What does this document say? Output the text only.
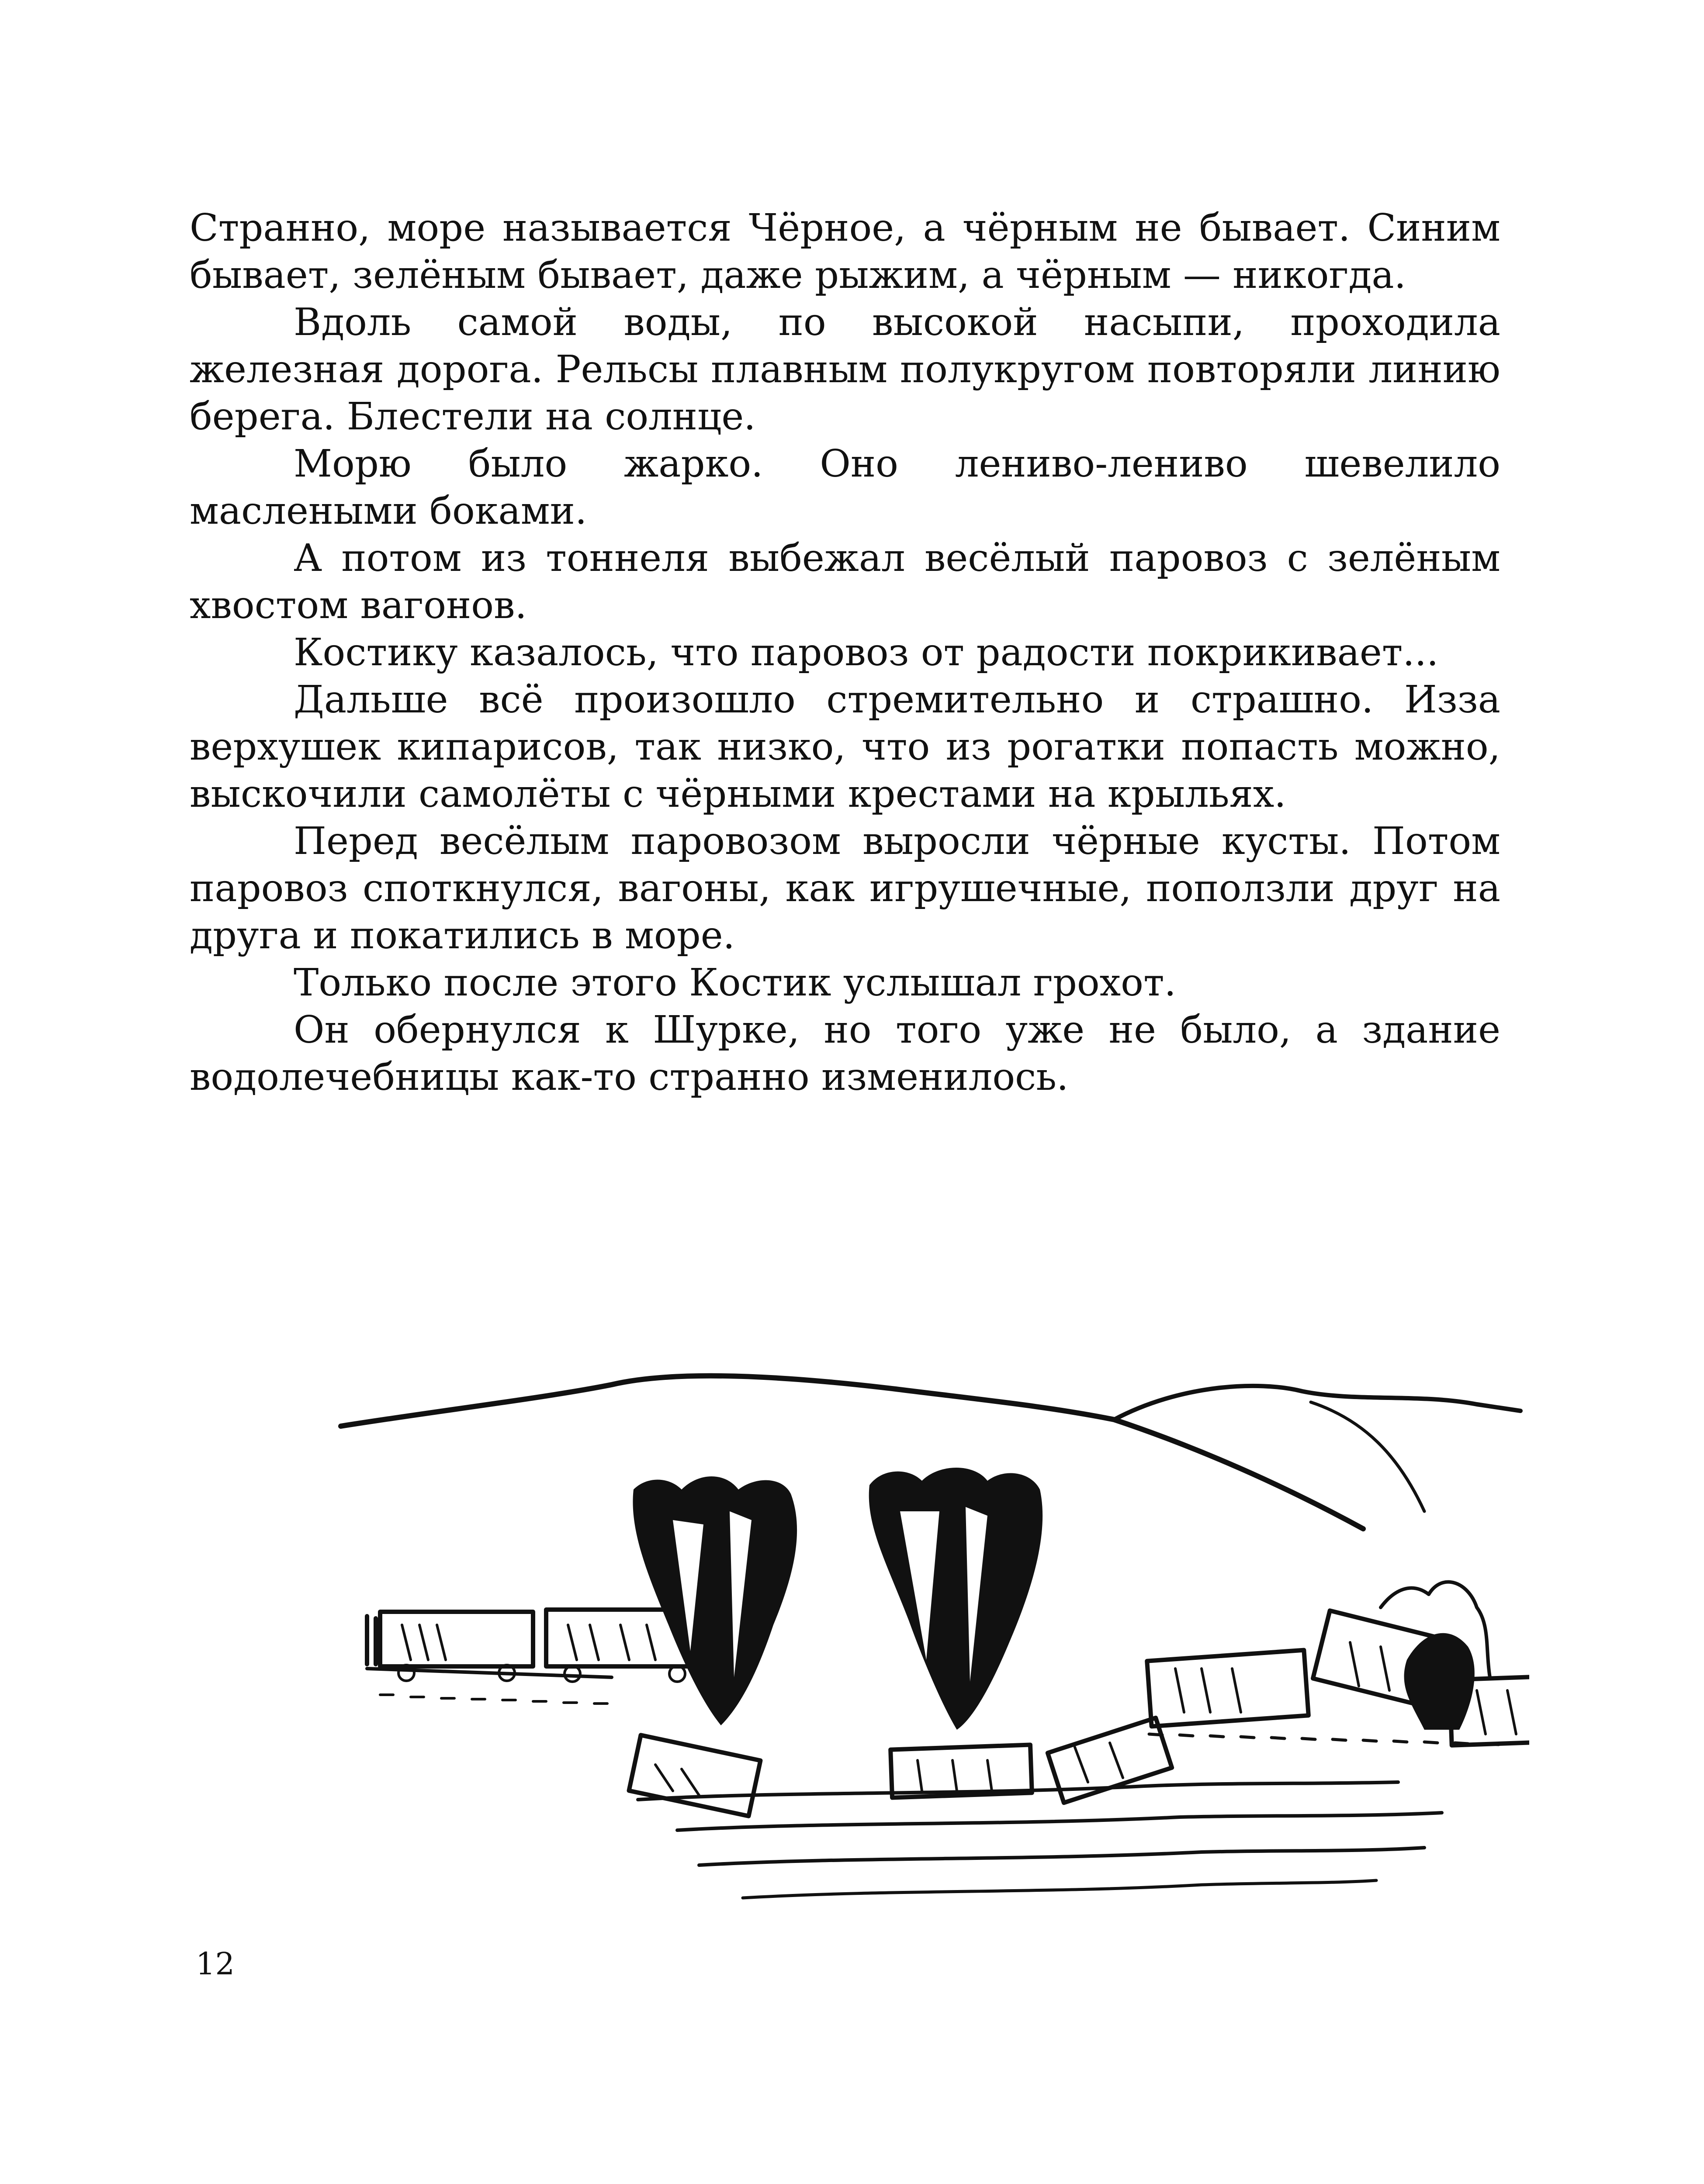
Странно, море называется Чёрное, а чёрным не бывает. Синим бывает, зелёным бывает, даже рыжим, а чёрным — никогда.

Вдоль самой воды, по высокой насыпи, проходила железная дорога. Рельсы плавным полукругом повторяли линию берега. Блестели на солнце.

Морю было жарко. Оно лениво-лениво шевелило маслеными боками.

А потом из тоннеля выбежал весёлый паровоз с зелёным хвостом вагонов.

Костику казалось, что паровоз от радости покрикивает...

Дальше всё произошло стремительно и страшно. Изза верхушек кипарисов, так низко, что из рогатки попасть можно, выскочили самолёты с чёрными крестами на крыльях.

Перед весёлым паровозом выросли чёрные кусты. Потом паровоз споткнулся, вагоны, как игрушечные, поползли друг на друга и покатились в море.

Только после этого Костик услышал грохот.

Он обернулся к Шурке, но того уже не было, а здание водолечебницы как-то странно изменилось.

12
